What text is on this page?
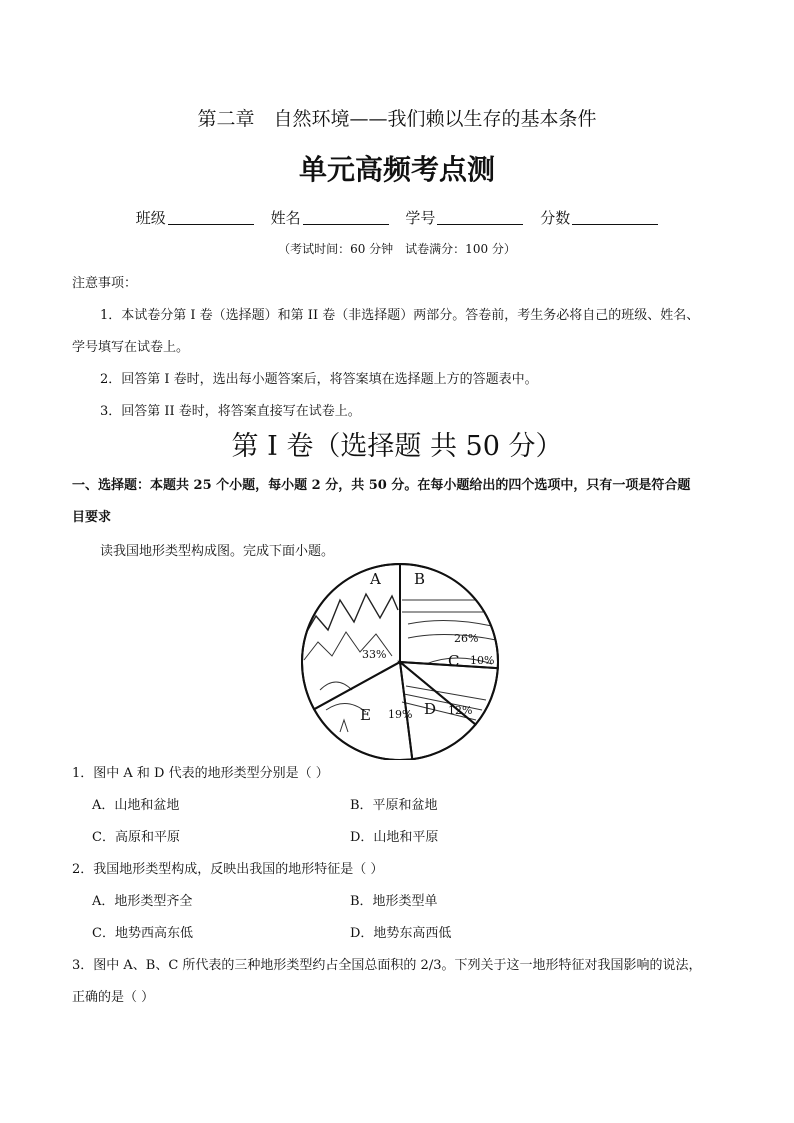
第二章　自然环境——我们赖以生存的基本条件
单元高频考点测
班级	姓名	学号	分数
（考试时间：60 分钟　试卷满分：100 分）
注意事项：
1．本试卷分第 I 卷（选择题）和第 II 卷（非选择题）两部分。答卷前，考生务必将自己的班级、姓名、
学号填写在试卷上。
2．回答第 I 卷时，选出每小题答案后，将答案填在选择题上方的答题表中。
3．回答第 II 卷时，将答案直接写在试卷上。
第 I 卷（选择题 共 50 分）
一、选择题：本题共 25 个小题，每小题 2 分，共 50 分。在每小题给出的四个选项中，只有一项是符合题
目要求
读我国地形类型构成图。完成下面小题。
A
33%
B
26%
C 10%
D 12%
E 19%
1．图中 A 和 D 代表的地形类型分别是（ ）
A．山地和盆地	B．平原和盆地
C．高原和平原	D．山地和平原
2．我国地形类型构成，反映出我国的地形特征是（ ）
A．地形类型齐全	B．地形类型单
C．地势西高东低	D．地势东高西低
3．图中 A、B、C 所代表的三种地形类型约占全国总面积的 2/3。下列关于这一地形特征对我国影响的说法，
正确的是（ ）
